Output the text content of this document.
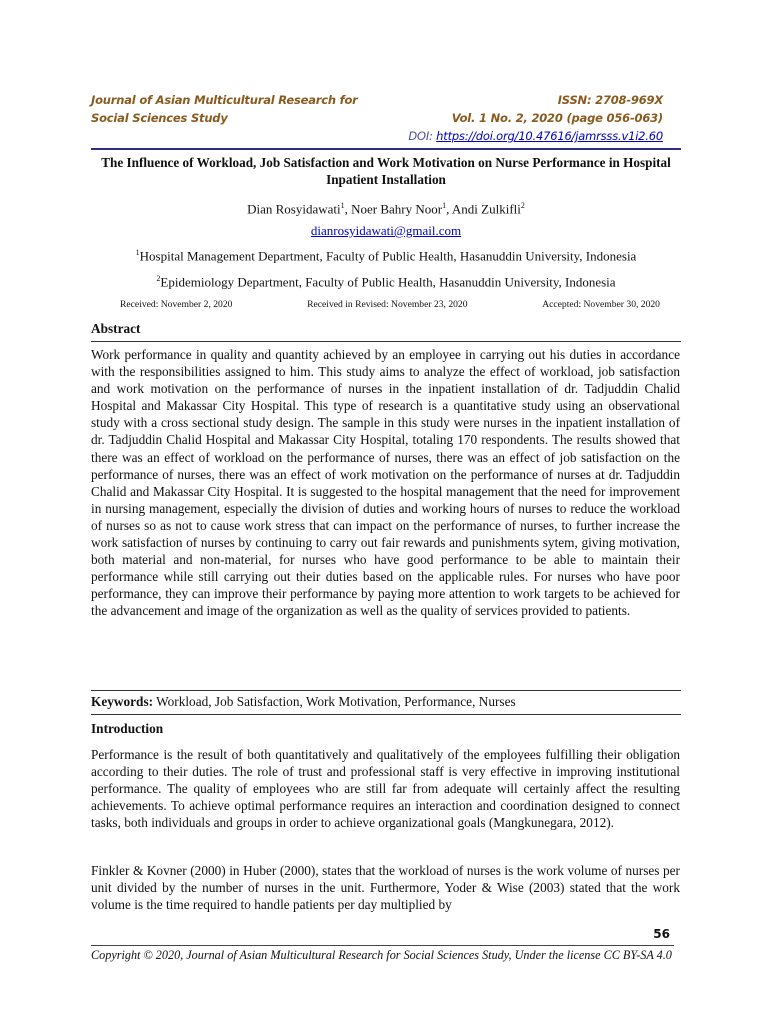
Journal of Asian Multicultural Research for	ISSN: 2708-969X
Social Sciences Study	Vol. 1 No. 2, 2020 (page 056-063)
DOI: https://doi.org/10.47616/jamrsss.v1i2.60
The Influence of Workload, Job Satisfaction and Work Motivation on Nurse Performance in Hospital Inpatient Installation
Dian Rosyidawati$^1$, Noer Bahry Noor$^1$, Andi Zulkifli$^2$
dianrosyidawati@gmail.com
$^1$Hospital Management Department, Faculty of Public Health, Hasanuddin University, Indonesia
$^2$Epidemiology Department, Faculty of Public Health, Hasanuddin University, Indonesia
Received: November 2, 2020	Received in Revised: November 23, 2020	Accepted: November 30, 2020
Abstract
Work performance in quality and quantity achieved by an employee in carrying out his duties in accordance with the responsibilities assigned to him. This study aims to analyze the effect of workload, job satisfaction and work motivation on the performance of nurses in the inpatient installation of dr. Tadjuddin Chalid Hospital and Makassar City Hospital. This type of research is a quantitative study using an observational study with a cross sectional study design. The sample in this study were nurses in the inpatient installation of dr. Tadjuddin Chalid Hospital and Makassar City Hospital, totaling 170 respondents. The results showed that there was an effect of workload on the performance of nurses, there was an effect of job satisfaction on the performance of nurses, there was an effect of work motivation on the performance of nurses at dr. Tadjuddin Chalid and Makassar City Hospital. It is suggested to the hospital management that the need for improvement in nursing management, especially the division of duties and working hours of nurses to reduce the workload of nurses so as not to cause work stress that can impact on the performance of nurses, to further increase the work satisfaction of nurses by continuing to carry out fair rewards and punishments sytem, giving motivation, both material and non-material, for nurses who have good performance to be able to maintain their performance while still carrying out their duties based on the applicable rules. For nurses who have poor performance, they can improve their performance by paying more attention to work targets to be achieved for the advancement and image of the organization as well as the quality of services provided to patients.
Keywords: Workload, Job Satisfaction, Work Motivation, Performance, Nurses
Introduction
Performance is the result of both quantitatively and qualitatively of the employees fulfilling their obligation according to their duties. The role of trust and professional staff is very effective in improving institutional performance. The quality of employees who are still far from adequate will certainly affect the resulting achievements. To achieve optimal performance requires an interaction and coordination designed to connect tasks, both individuals and groups in order to achieve organizational goals (Mangkunegara, 2012).
Finkler & Kovner (2000) in Huber (2000), states that the workload of nurses is the work volume of nurses per unit divided by the number of nurses in the unit. Furthermore, Yoder & Wise (2003) stated that the work volume is the time required to handle patients per day multiplied by
56
Copyright © 2020, Journal of Asian Multicultural Research for Social Sciences Study, Under the license CC BY-SA 4.0
